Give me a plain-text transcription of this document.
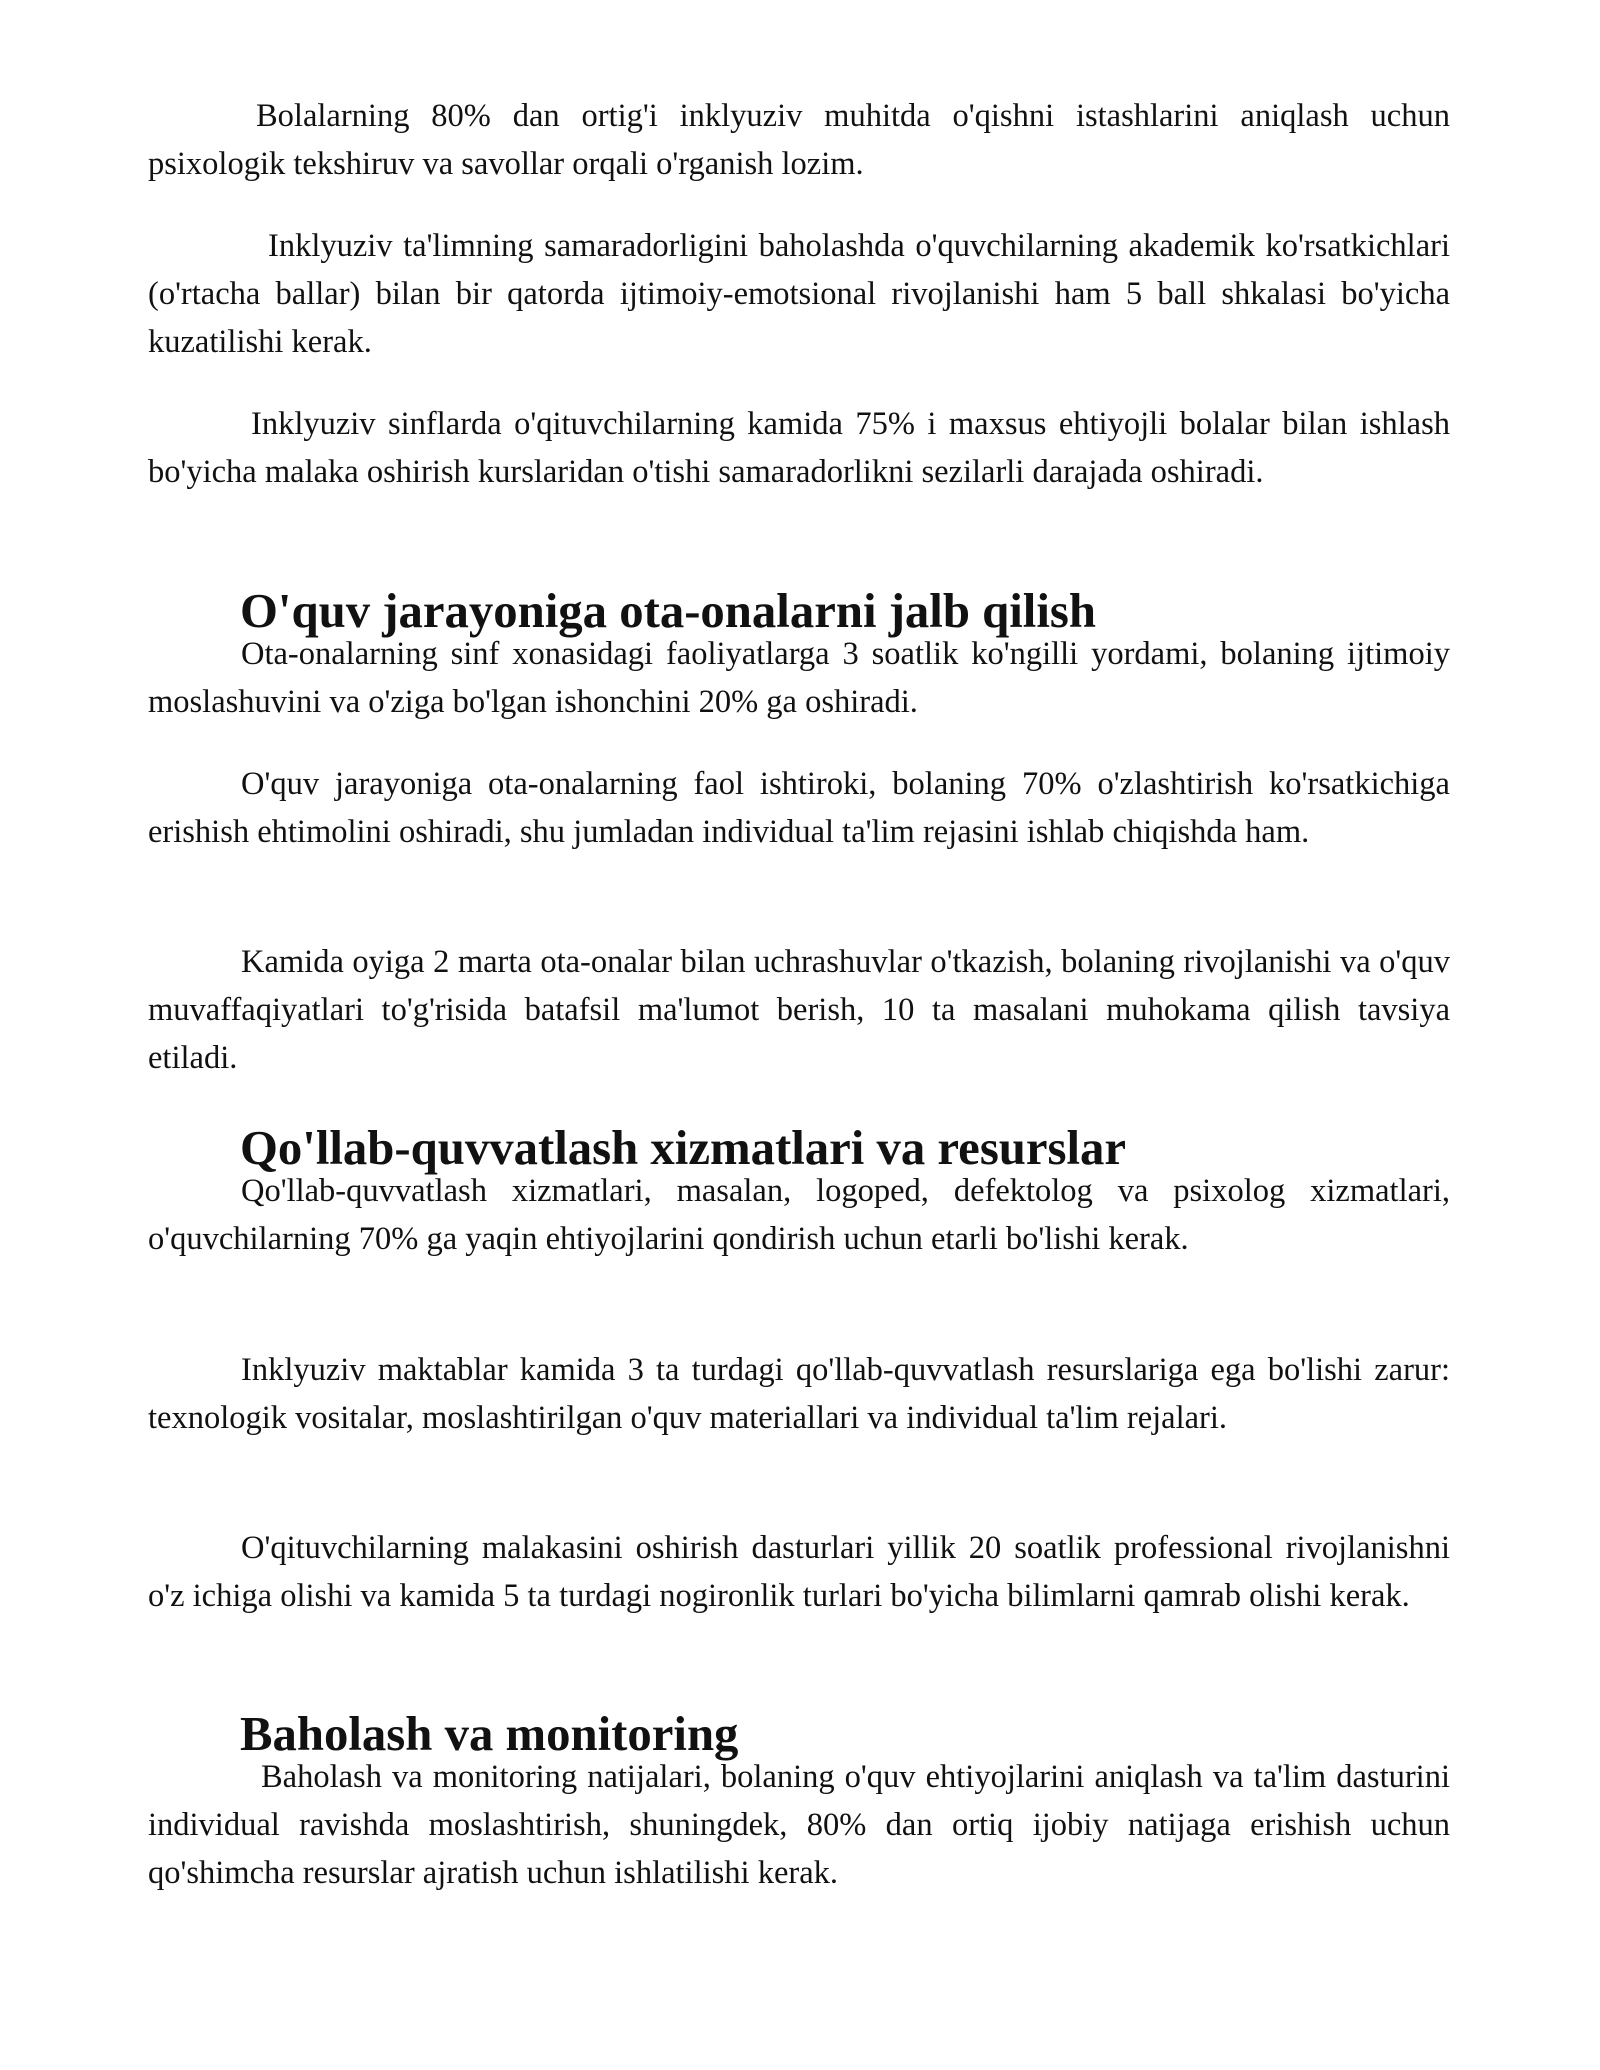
Bolalarning 80% dan ortig'i inklyuziv muhitda o'qishni istashlarini aniqlash uchun psixologik tekshiruv va savollar orqali o'rganish lozim.

Inklyuziv ta'limning samaradorligini baholashda o'quvchilarning akademik ko'rsatkichlari (o'rtacha ballar) bilan bir qatorda ijtimoiy-emotsional rivojlanishi ham 5 ball shkalasi bo'yicha kuzatilishi kerak.

Inklyuziv sinflarda o'qituvchilarning kamida 75% i maxsus ehtiyojli bolalar bilan ishlash bo'yicha malaka oshirish kurslaridan o'tishi samaradorlikni sezilarli darajada oshiradi.

O'quv jarayoniga ota-onalarni jalb qilish

Ota-onalarning sinf xonasidagi faoliyatlarga 3 soatlik ko'ngilli yordami, bolaning ijtimoiy moslashuvini va o'ziga bo'lgan ishonchini 20% ga oshiradi.

O'quv jarayoniga ota-onalarning faol ishtiroki, bolaning 70% o'zlashtirish ko'rsatkichiga erishish ehtimolini oshiradi, shu jumladan individual ta'lim rejasini ishlab chiqishda ham.

Kamida oyiga 2 marta ota-onalar bilan uchrashuvlar o'tkazish, bolaning rivojlanishi va o'quv muvaffaqiyatlari to'g'risida batafsil ma'lumot berish, 10 ta masalani muhokama qilish tavsiya etiladi.

Qo'llab-quvvatlash xizmatlari va resurslar

Qo'llab-quvvatlash xizmatlari, masalan, logoped, defektolog va psixolog xizmatlari, o'quvchilarning 70% ga yaqin ehtiyojlarini qondirish uchun etarli bo'lishi kerak.

Inklyuziv maktablar kamida 3 ta turdagi qo'llab-quvvatlash resurslariga ega bo'lishi zarur: texnologik vositalar, moslashtirilgan o'quv materiallari va individual ta'lim rejalari.

O'qituvchilarning malakasini oshirish dasturlari yillik 20 soatlik professional rivojlanishni o'z ichiga olishi va kamida 5 ta turdagi nogironlik turlari bo'yicha bilimlarni qamrab olishi kerak.

Baholash va monitoring

Baholash va monitoring natijalari, bolaning o'quv ehtiyojlarini aniqlash va ta'lim dasturini individual ravishda moslashtirish, shuningdek, 80% dan ortiq ijobiy natijaga erishish uchun qo'shimcha resurslar ajratish uchun ishlatilishi kerak.
